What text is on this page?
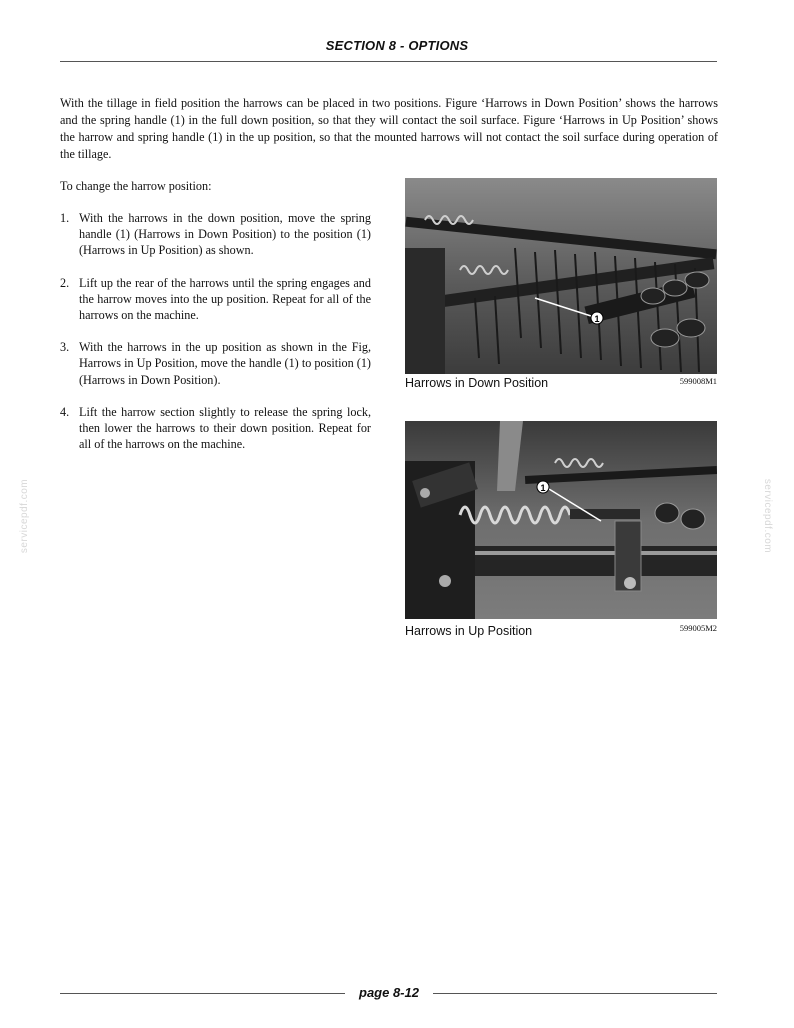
SECTION 8 - OPTIONS

With the tillage in field position the harrows can be placed in two positions. Figure ‘Harrows in Down Position’ shows the harrows and the spring handle (1) in the full down position, so that they will contact the soil surface. Figure ‘Harrows in Up Position’ shows the harrow and spring handle (1) in the up position, so that the mounted harrows will not contact the soil surface during operation of the tillage.

To change the harrow position:

1. With the harrows in the down position, move the spring handle (1) (Harrows in Down Position) to the position (1) (Harrows in Up Position) as shown.
2. Lift up the rear of the harrows until the spring engages and the harrow moves into the up position. Repeat for all of the harrows on the machine.
3. With the harrows in the up position as shown in the Fig, Harrows in Up Position, move the handle (1) to position (1) (Harrows in Down Position).
4. Lift the harrow section slightly to release the spring lock, then lower the harrows to their down position. Repeat for all of the harrows on the machine.
1
Harrows in Down Position	599008M1
1
Harrows in Up Position	599005M2
servicepdf.com	servicepdf.com
page 8-12
